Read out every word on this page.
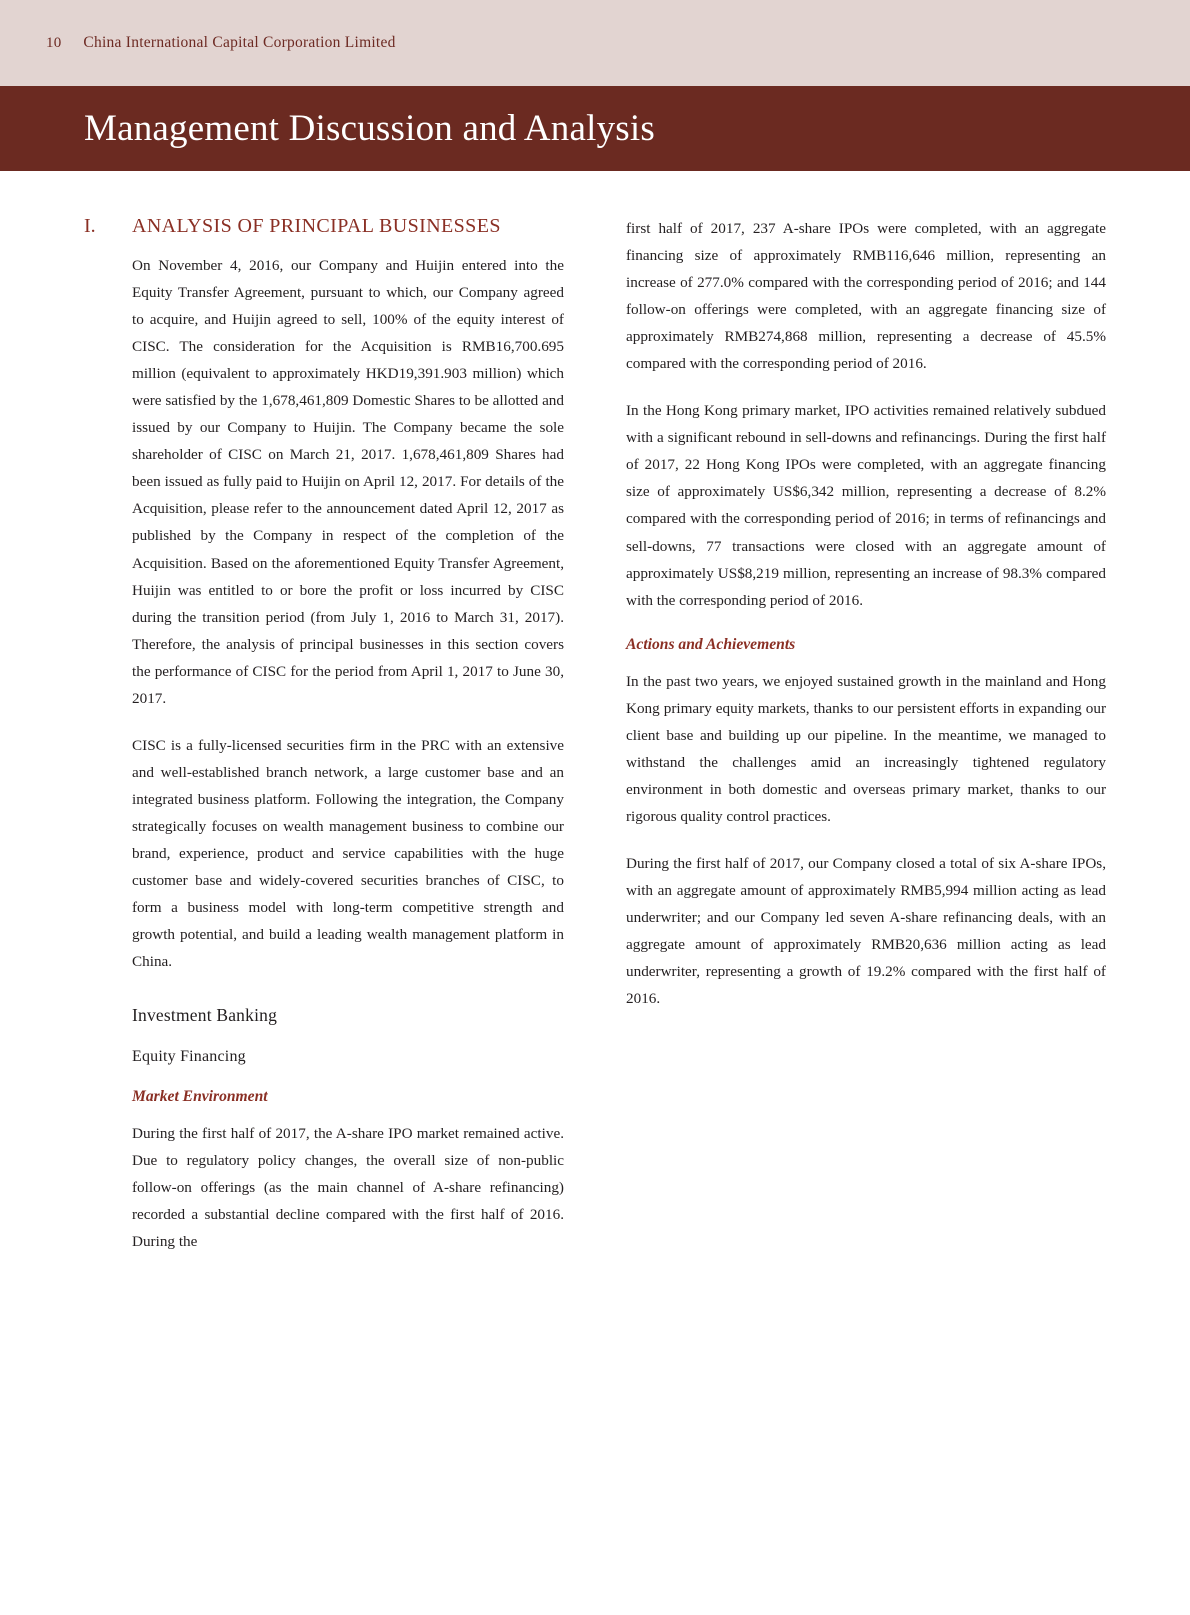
10 China International Capital Corporation Limited
Management Discussion and Analysis
I.	ANALYSIS OF PRINCIPAL BUSINESSES

On November 4, 2016, our Company and Huijin entered into the Equity Transfer Agreement, pursuant to which, our Company agreed to acquire, and Huijin agreed to sell, 100% of the equity interest of CISC. The consideration for the Acquisition is RMB16,700.695 million (equivalent to approximately HKD19,391.903 million) which were satisfied by the 1,678,461,809 Domestic Shares to be allotted and issued by our Company to Huijin. The Company became the sole shareholder of CISC on March 21, 2017. 1,678,461,809 Shares had been issued as fully paid to Huijin on April 12, 2017. For details of the Acquisition, please refer to the announcement dated April 12, 2017 as published by the Company in respect of the completion of the Acquisition. Based on the aforementioned Equity Transfer Agreement, Huijin was entitled to or bore the profit or loss incurred by CISC during the transition period (from July 1, 2016 to March 31, 2017). Therefore, the analysis of principal businesses in this section covers the performance of CISC for the period from April 1, 2017 to June 30, 2017.

CISC is a fully-licensed securities firm in the PRC with an extensive and well-established branch network, a large customer base and an integrated business platform. Following the integration, the Company strategically focuses on wealth management business to combine our brand, experience, product and service capabilities with the huge customer base and widely-covered securities branches of CISC, to form a business model with long-term competitive strength and growth potential, and build a leading wealth management platform in China.

Investment Banking
Equity Financing
Market Environment

During the first half of 2017, the A-share IPO market remained active. Due to regulatory policy changes, the overall size of non-public follow-on offerings (as the main channel of A-share refinancing) recorded a substantial decline compared with the first half of 2016. During the

first half of 2017, 237 A-share IPOs were completed, with an aggregate financing size of approximately RMB116,646 million, representing an increase of 277.0% compared with the corresponding period of 2016; and 144 follow-on offerings were completed, with an aggregate financing size of approximately RMB274,868 million, representing a decrease of 45.5% compared with the corresponding period of 2016.

In the Hong Kong primary market, IPO activities remained relatively subdued with a significant rebound in sell-downs and refinancings. During the first half of 2017, 22 Hong Kong IPOs were completed, with an aggregate financing size of approximately US$6,342 million, representing a decrease of 8.2% compared with the corresponding period of 2016; in terms of refinancings and sell-downs, 77 transactions were closed with an aggregate amount of approximately US$8,219 million, representing an increase of 98.3% compared with the corresponding period of 2016.

Actions and Achievements

In the past two years, we enjoyed sustained growth in the mainland and Hong Kong primary equity markets, thanks to our persistent efforts in expanding our client base and building up our pipeline. In the meantime, we managed to withstand the challenges amid an increasingly tightened regulatory environment in both domestic and overseas primary market, thanks to our rigorous quality control practices.

During the first half of 2017, our Company closed a total of six A-share IPOs, with an aggregate amount of approximately RMB5,994 million acting as lead underwriter; and our Company led seven A-share refinancing deals, with an aggregate amount of approximately RMB20,636 million acting as lead underwriter, representing a growth of 19.2% compared with the first half of 2016.
